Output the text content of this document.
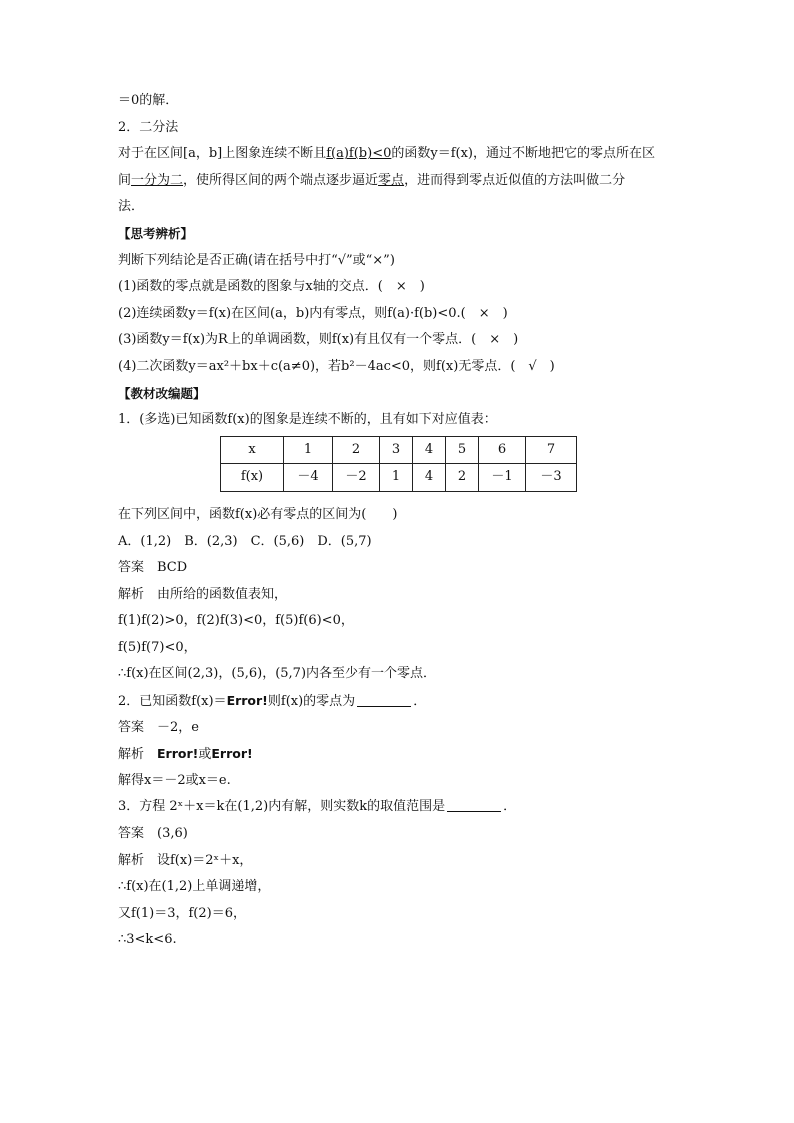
＝0的解．
2．二分法
对于在区间[a，b]上图象连续不断且f(a)f(b)<0的函数y＝f(x)，通过不断地把它的零点所在区
间一分为二，使所得区间的两个端点逐步逼近零点，进而得到零点近似值的方法叫做二分
法．
【思考辨析】
判断下列结论是否正确(请在括号中打“√”或“×”)
(1)函数的零点就是函数的图象与x轴的交点．(　×　)
(2)连续函数y＝f(x)在区间(a，b)内有零点，则f(a)·f(b)<0.(　×　)
(3)函数y＝f(x)为R上的单调函数，则f(x)有且仅有一个零点．(　×　)
(4)二次函数y＝ax²＋bx＋c(a≠0)，若b²－4ac<0，则f(x)无零点．(　√　)
【教材改编题】
1．(多选)已知函数f(x)的图象是连续不断的，且有如下对应值表：
x	1	2	3	4	5	6	7
f(x)	－4	－2	1	4	2	－1	－3
在下列区间中，函数f(x)必有零点的区间为(　　)
A．(1,2)　B．(2,3)　C．(5,6)　D．(5,7)
答案　BCD
解析　由所给的函数值表知，
f(1)f(2)>0，f(2)f(3)<0，f(5)f(6)<0，
f(5)f(7)<0，
∴f(x)在区间(2,3)，(5,6)，(5,7)内各至少有一个零点．
2．已知函数f(x)＝Error!则f(x)的零点为	．
答案　－2，e
解析　Error!或Error!
解得x＝－2或x＝e.
3．方程 2ˣ＋x＝k在(1,2)内有解，则实数k的取值范围是	．
答案　(3,6)
解析　设f(x)＝2ˣ＋x，
∴f(x)在(1,2)上单调递增，
又f(1)＝3，f(2)＝6，
∴3<k<6.
